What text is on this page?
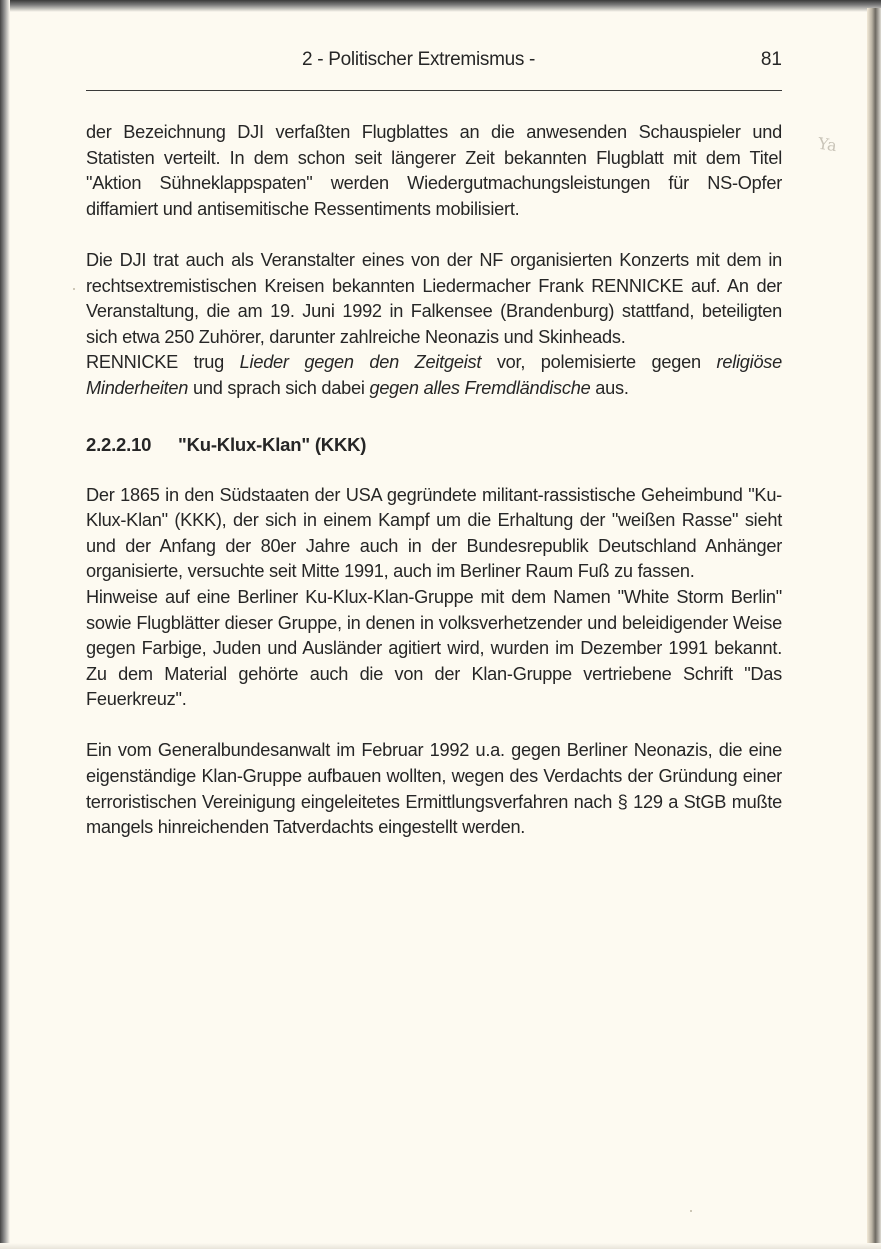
Ya
2 - Politischer Extremismus -	81

der Bezeichnung DJI verfaßten Flugblattes an die anwesenden Schauspieler und Statisten verteilt. In dem schon seit längerer Zeit bekannten Flugblatt mit dem Titel "Aktion Sühneklappspaten" werden Wiedergutmachungsleistungen für NS-Opfer diffamiert und antisemitische Ressentiments mobilisiert.

Die DJI trat auch als Veranstalter eines von der NF organisierten Konzerts mit dem in rechtsextremistischen Kreisen bekannten Liedermacher Frank RENNICKE auf. An der Veranstaltung, die am 19. Juni 1992 in Falkensee (Brandenburg) stattfand, beteiligten sich etwa 250 Zuhörer, darunter zahlreiche Neonazis und Skinheads.

RENNICKE trug Lieder gegen den Zeitgeist vor, polemisierte gegen religiöse Minderheiten und sprach sich dabei gegen alles Fremdländische aus.

2.2.2.10 "Ku-Klux-Klan" (KKK)

Der 1865 in den Südstaaten der USA gegründete militant-rassistische Geheimbund "Ku-Klux-Klan" (KKK), der sich in einem Kampf um die Erhaltung der "weißen Rasse" sieht und der Anfang der 80er Jahre auch in der Bundesrepublik Deutschland Anhänger organisierte, versuchte seit Mitte 1991, auch im Berliner Raum Fuß zu fassen.

Hinweise auf eine Berliner Ku-Klux-Klan-Gruppe mit dem Namen "White Storm Berlin" sowie Flugblätter dieser Gruppe, in denen in volksverhetzender und beleidigender Weise gegen Farbige, Juden und Ausländer agitiert wird, wurden im Dezember 1991 bekannt. Zu dem Material gehörte auch die von der Klan-Gruppe vertriebene Schrift "Das Feuerkreuz".

Ein vom Generalbundesanwalt im Februar 1992 u.a. gegen Berliner Neonazis, die eine eigenständige Klan-Gruppe aufbauen wollten, wegen des Verdachts der Gründung einer terroristischen Vereinigung eingeleitetes Ermittlungsverfahren nach § 129 a StGB mußte mangels hinreichenden Tatverdachts eingestellt werden.
